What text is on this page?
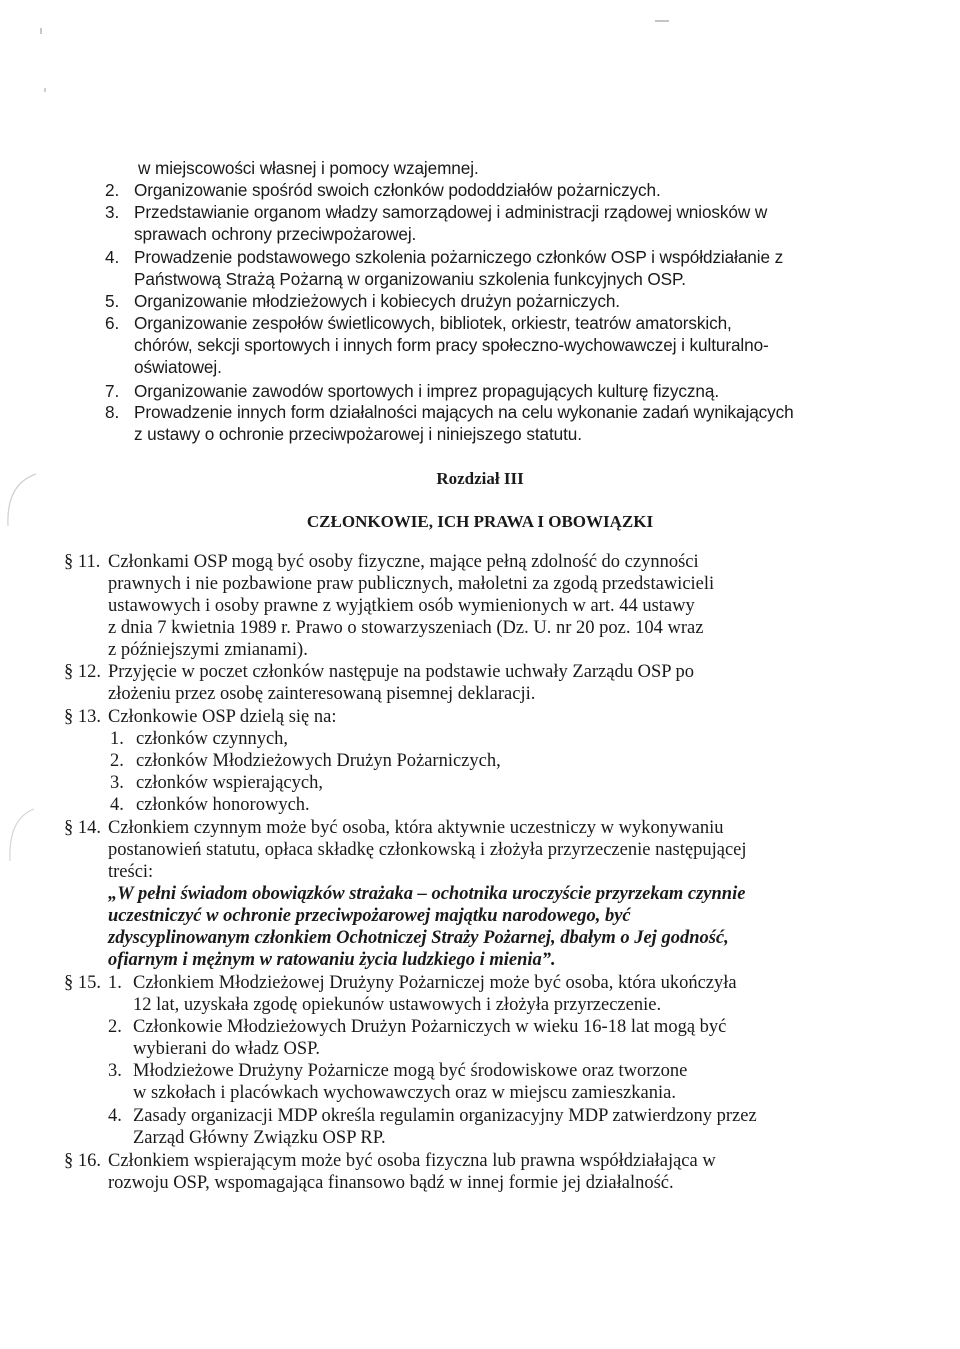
w miejscowości własnej i pomocy wzajemnej.
2. Organizowanie spośród swoich członków pododdziałów pożarniczych.
3. Przedstawianie organom władzy samorządowej i administracji rządowej wniosków w
sprawach ochrony przeciwpożarowej.
4. Prowadzenie podstawowego szkolenia pożarniczego członków OSP i współdziałanie z
Państwową Strażą Pożarną w organizowaniu szkolenia funkcyjnych OSP.
5. Organizowanie młodzieżowych i kobiecych drużyn pożarniczych.
6. Organizowanie zespołów świetlicowych, bibliotek, orkiestr, teatrów amatorskich,
chórów, sekcji sportowych i innych form pracy społeczno-wychowawczej i kulturalno-
oświatowej.
7. Organizowanie zawodów sportowych i imprez propagujących kulturę fizyczną.
8. Prowadzenie innych form działalności mających na celu wykonanie zadań wynikających
z ustawy o ochronie przeciwpożarowej i niniejszego statutu.
Rozdział III
CZŁONKOWIE, ICH PRAWA I OBOWIĄZKI
§ 11. Członkami OSP mogą być osoby fizyczne, mające pełną zdolność do czynności
prawnych i nie pozbawione praw publicznych, małoletni za zgodą przedstawicieli
ustawowych i osoby prawne z wyjątkiem osób wymienionych w art. 44 ustawy
z dnia 7 kwietnia 1989 r. Prawo o stowarzyszeniach (Dz. U. nr 20 poz. 104 wraz
z późniejszymi zmianami).
§ 12. Przyjęcie w poczet członków następuje na podstawie uchwały Zarządu OSP po
złożeniu przez osobę zainteresowaną pisemnej deklaracji.
§ 13. Członkowie OSP dzielą się na:
1. członków czynnych,
2. członków Młodzieżowych Drużyn Pożarniczych,
3. członków wspierających,
4. członków honorowych.
§ 14. Członkiem czynnym może być osoba, która aktywnie uczestniczy w wykonywaniu
postanowień statutu, opłaca składkę członkowską i złożyła przyrzeczenie następującej
treści:
„W pełni świadom obowiązków strażaka – ochotnika uroczyście przyrzekam czynnie
uczestniczyć w ochronie przeciwpożarowej majątku narodowego, być
zdyscyplinowanym członkiem Ochotniczej Straży Pożarnej, dbałym o Jej godność,
ofiarnym i mężnym w ratowaniu życia ludzkiego i mienia”.
§ 15. 1. Członkiem Młodzieżowej Drużyny Pożarniczej może być osoba, która ukończyła
12 lat, uzyskała zgodę opiekunów ustawowych i złożyła przyrzeczenie.
2. Członkowie Młodzieżowych Drużyn Pożarniczych w wieku 16-18 lat mogą być
wybierani do władz OSP.
3. Młodzieżowe Drużyny Pożarnicze mogą być środowiskowe oraz tworzone
w szkołach i placówkach wychowawczych oraz w miejscu zamieszkania.
4. Zasady organizacji MDP określa regulamin organizacyjny MDP zatwierdzony przez
Zarząd Główny Związku OSP RP.
§ 16. Członkiem wspierającym może być osoba fizyczna lub prawna współdziałająca w
rozwoju OSP, wspomagająca finansowo bądź w innej formie jej działalność.
